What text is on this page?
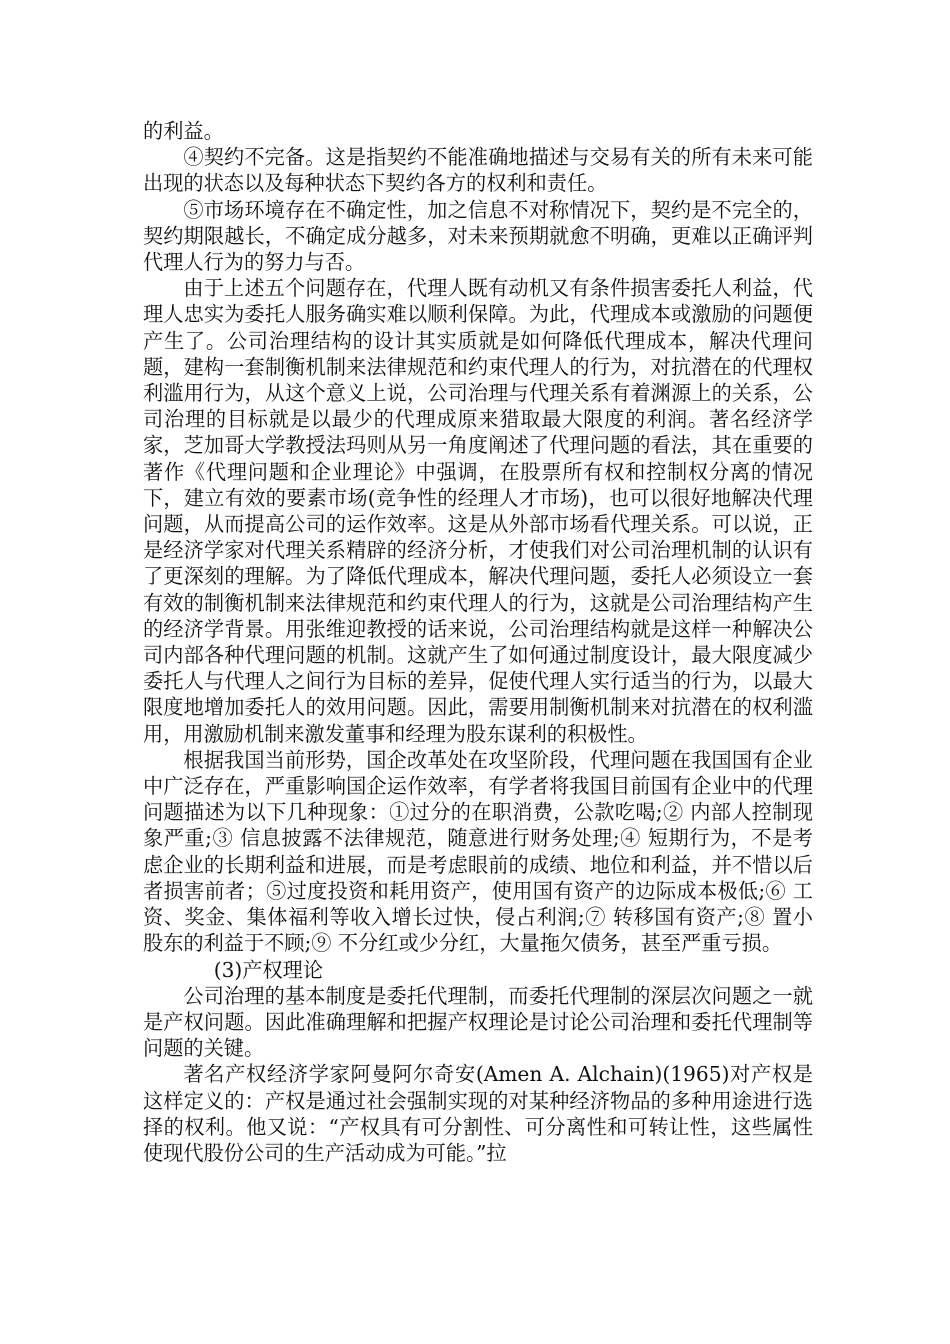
的利益。

④契约不完备。这是指契约不能准确地描述与交易有关的所有未来可能出现的状态以及每种状态下契约各方的权利和责任。

⑤市场环境存在不确定性，加之信息不对称情况下，契约是不完全的，契约期限越长，不确定成分越多，对未来预期就愈不明确，更难以正确评判代理人行为的努力与否。

由于上述五个问题存在，代理人既有动机又有条件损害委托人利益，代理人忠实为委托人服务确实难以顺利保障。为此，代理成本或激励的问题便产生了。公司治理结构的设计其实质就是如何降低代理成本，解决代理问题，建构一套制衡机制来法律规范和约束代理人的行为，对抗潜在的代理权利滥用行为，从这个意义上说，公司治理与代理关系有着渊源上的关系，公司治理的目标就是以最少的代理成原来猎取最大限度的利润。著名经济学家，芝加哥大学教授法玛则从另一角度阐述了代理问题的看法，其在重要的著作《代理问题和企业理论》中强调，在股票所有权和控制权分离的情况下，建立有效的要素市场(竞争性的经理人才市场)，也可以很好地解决代理问题，从而提高公司的运作效率。这是从外部市场看代理关系。可以说，正是经济学家对代理关系精辟的经济分析，才使我们对公司治理机制的认识有了更深刻的理解。为了降低代理成本，解决代理问题，委托人必须设立一套有效的制衡机制来法律规范和约束代理人的行为，这就是公司治理结构产生的经济学背景。用张维迎教授的话来说，公司治理结构就是这样一种解决公司内部各种代理问题的机制。这就产生了如何通过制度设计，最大限度减少委托人与代理人之间行为目标的差异，促使代理人实行适当的行为，以最大限度地增加委托人的效用问题。因此，需要用制衡机制来对抗潜在的权利滥用，用激励机制来激发董事和经理为股东谋利的积极性。

根据我国当前形势，国企改革处在攻坚阶段，代理问题在我国国有企业中广泛存在，严重影响国企运作效率，有学者将我国目前国有企业中的代理问题描述为以下几种现象：①过分的在职消费，公款吃喝;② 内部人控制现象严重;③ 信息披露不法律规范，随意进行财务处理;④ 短期行为，不是考虑企业的长期利益和进展，而是考虑眼前的成绩、地位和利益，并不惜以后者损害前者；⑤过度投资和耗用资产，使用国有资产的边际成本极低;⑥ 工资、奖金、集体福利等收入增长过快，侵占利润;⑦ 转移国有资产;⑧ 置小股东的利益于不顾;⑨ 不分红或少分红，大量拖欠债务，甚至严重亏损。

(3)产权理论

公司治理的基本制度是委托代理制，而委托代理制的深层次问题之一就是产权问题。因此准确理解和把握产权理论是讨论公司治理和委托代理制等问题的关键。

著名产权经济学家阿曼阿尔奇安(Amen A. Alchain)(1965)对产权是这样定义的：产权是通过社会强制实现的对某种经济物品的多种用途进行选择的权利。他又说：“产权具有可分割性、可分离性和可转让性，这些属性使现代股份公司的生产活动成为可能。”拉
